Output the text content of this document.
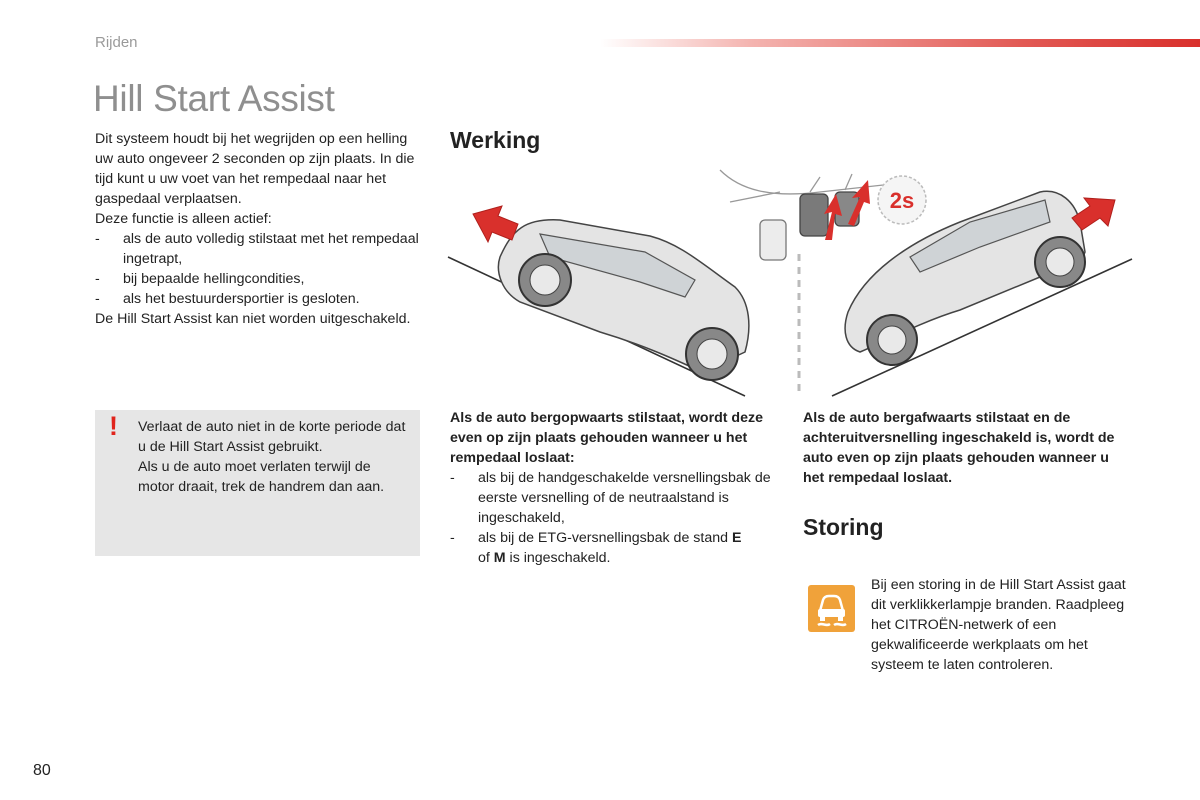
Rijden
Hill Start Assist
Dit systeem houdt bij het wegrijden op een helling uw auto ongeveer 2 seconden op zijn plaats. In die tijd kunt u uw voet van het rempedaal naar het gaspedaal verplaatsen.
Deze functie is alleen actief:
- als de auto volledig stilstaat met het rempedaal ingetrapt,
- bij bepaalde hellingcondities,
- als het bestuurdersportier is gesloten.
De Hill Start Assist kan niet worden uitgeschakeld.
! Verlaat de auto niet in de korte periode dat u de Hill Start Assist gebruikt.
Als u de auto moet verlaten terwijl de motor draait, trek de handrem dan aan.
Werking
2s
Als de auto bergopwaarts stilstaat, wordt deze even op zijn plaats gehouden wanneer u het rempedaal loslaat:
- als bij de handgeschakelde versnellingsbak de eerste versnelling of de neutraalstand is ingeschakeld,
- als bij de ETG-versnellingsbak de stand E
of M is ingeschakeld.
Als de auto bergafwaarts stilstaat en de achteruitversnelling ingeschakeld is, wordt de auto even op zijn plaats gehouden wanneer u het rempedaal loslaat.
Storing
Bij een storing in de Hill Start Assist gaat dit verklikkerlampje branden. Raadpleeg het CITROËN-netwerk of een gekwalificeerde werkplaats om het systeem te laten controleren.
80
